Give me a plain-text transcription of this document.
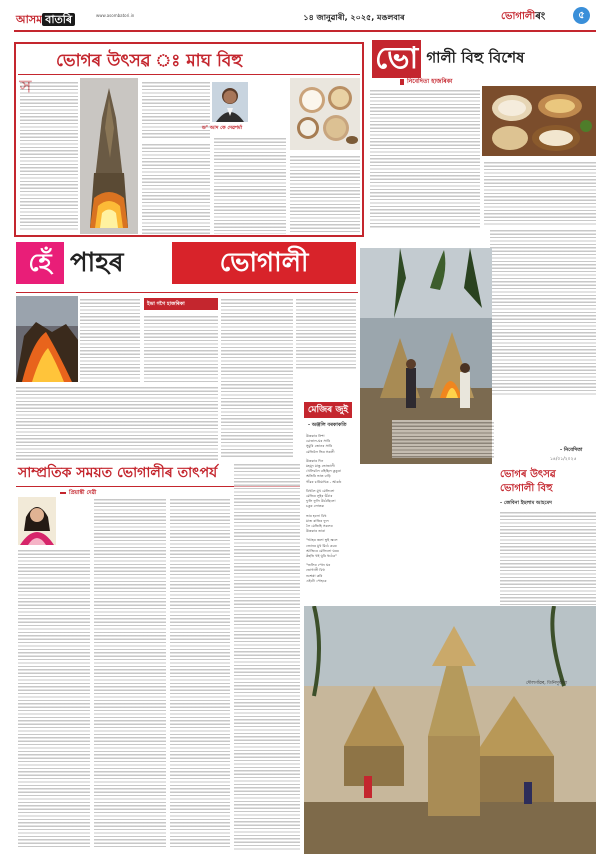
আসম বাতৰি	www.asombatori.in	১৪ জানুৱাৰী, ২০২৫, মঙলবাৰ	ভোগালীৰং	৫
ভোগৰ উৎসৱ ঃ মাঘ বিহু
ড° আদ কে দেৱশৰ্মা
ভো গালী বিহু বিশেষ
নিবেদিতা হাজৰিকা
হেঁ পাহৰ	ভোগালী
ইভা গগৈ হাজৰিকা
সাম্প্ৰতিক সময়ত ভোগালীৰ তাৎপৰ্য
প্ৰিয়াঙ্কী দেৱী
মেজিৰ জুই
- অঞ্জলি বৰকাকতি
উৰুকাৰ নিশা
চোতাল-ঘৰ সাৰি
সুমুৰি জোনৰ সাৰি
মেজিলৈ ভিৰ সকলী
উৰুকাৰ দিন
মহমূদ মান্তু ভোজালী
খেলিবলৈ বহিছিল কুকুৰা
অতিৰি ভাত বাঢ়ি
গাঁৱৰ চাৰিমাখক - আকণ্ঠ
বিহুলৈ মুখ মেলিলো
মেজিৰ লুইৰ উঠাৰ
ফুলি ফুলি উঠেছিলো
চকুৰ লোতক
ভাৰ হলো বিহু
মাজ ৰাতিৰ ফুল
লৈ মেজিহি সকলৰ
উৰুকাৰ তাৰা
"আহৰ জ্বলা ভুই জ্বলে
জোনৰ মুখ মিঠে কবৰ
আজিৰে মেলিলো ঘৰৰ
কঁহতি হুই ঘুৰি হুঠেও"
"জলিৰ পোন ঘৰ
ভোগালী বিহু
শুশ্ৰূষা কৰি
এইটো পোহৰে
- নিবেদিতা
১৪/০১/২০২৫
ভোগৰ উৎসৱ
ভোগালী বিহু
- জেবিনা ইছলাম আহমেদ
দৌলগাঁৱৰ, তিনিসুকীয়া
